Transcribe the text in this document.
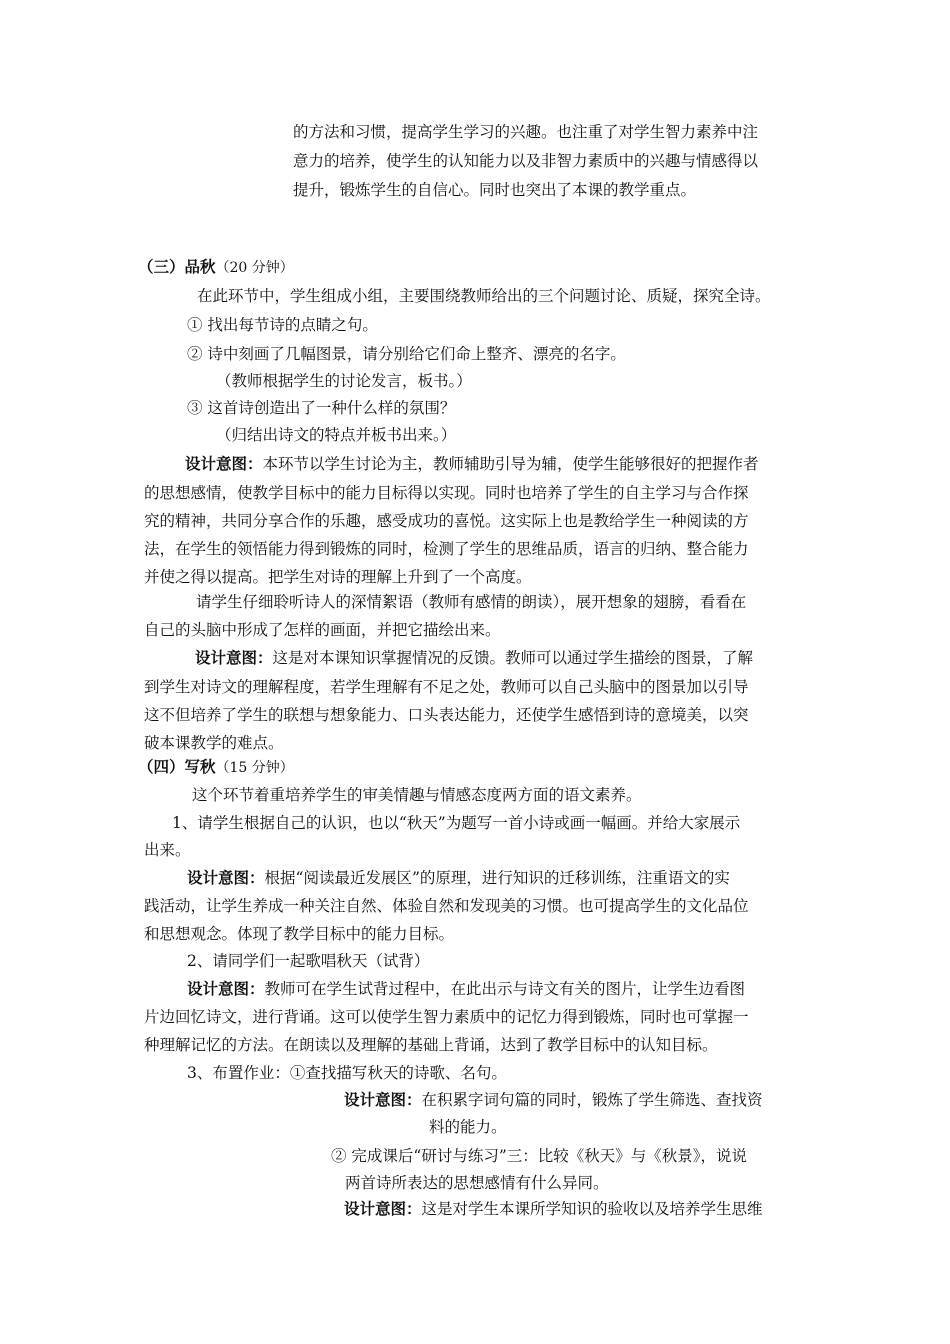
的方法和习惯，提高学生学习的兴趣。也注重了对学生智力素养中注
意力的培养，使学生的认知能力以及非智力素质中的兴趣与情感得以
提升，锻炼学生的自信心。同时也突出了本课的教学重点。
（三）品秋（20 分钟）
在此环节中，学生组成小组，主要围绕教师给出的三个问题讨论、质疑，探究全诗。
① 找出每节诗的点睛之句。
② 诗中刻画了几幅图景，请分别给它们命上整齐、漂亮的名字。
（教师根据学生的讨论发言，板书。）
③ 这首诗创造出了一种什么样的氛围？
（归结出诗文的特点并板书出来。）
设计意图：本环节以学生讨论为主，教师辅助引导为辅，使学生能够很好的把握作者
的思想感情，使教学目标中的能力目标得以实现。同时也培养了学生的自主学习与合作探
究的精神，共同分享合作的乐趣，感受成功的喜悦。这实际上也是教给学生一种阅读的方
法，在学生的领悟能力得到锻炼的同时，检测了学生的思维品质，语言的归纳、整合能力
并使之得以提高。把学生对诗的理解上升到了一个高度。
请学生仔细聆听诗人的深情絮语（教师有感情的朗读），展开想象的翅膀，看看在
自己的头脑中形成了怎样的画面，并把它描绘出来。
设计意图：这是对本课知识掌握情况的反馈。教师可以通过学生描绘的图景，了解
到学生对诗文的理解程度，若学生理解有不足之处，教师可以自己头脑中的图景加以引导
这不但培养了学生的联想与想象能力、口头表达能力，还使学生感悟到诗的意境美，以突
破本课教学的难点。
（四）写秋（15 分钟）
这个环节着重培养学生的审美情趣与情感态度两方面的语文素养。
1、请学生根据自己的认识，也以“秋天”为题写一首小诗或画一幅画。并给大家展示
出来。
设计意图：根据“阅读最近发展区”的原理，进行知识的迁移训练，注重语文的实
践活动，让学生养成一种关注自然、体验自然和发现美的习惯。也可提高学生的文化品位
和思想观念。体现了教学目标中的能力目标。
2、请同学们一起歌唱秋天（试背）
设计意图：教师可在学生试背过程中，在此出示与诗文有关的图片，让学生边看图
片边回忆诗文，进行背诵。这可以使学生智力素质中的记忆力得到锻炼，同时也可掌握一
种理解记忆的方法。在朗读以及理解的基础上背诵，达到了教学目标中的认知目标。
3、布置作业：①查找描写秋天的诗歌、名句。
设计意图：在积累字词句篇的同时，锻炼了学生筛选、查找资
料的能力。
② 完成课后“研讨与练习”三：比较《秋天》与《秋景》，说说
两首诗所表达的思想感情有什么异同。
设计意图：这是对学生本课所学知识的验收以及培养学生思维
